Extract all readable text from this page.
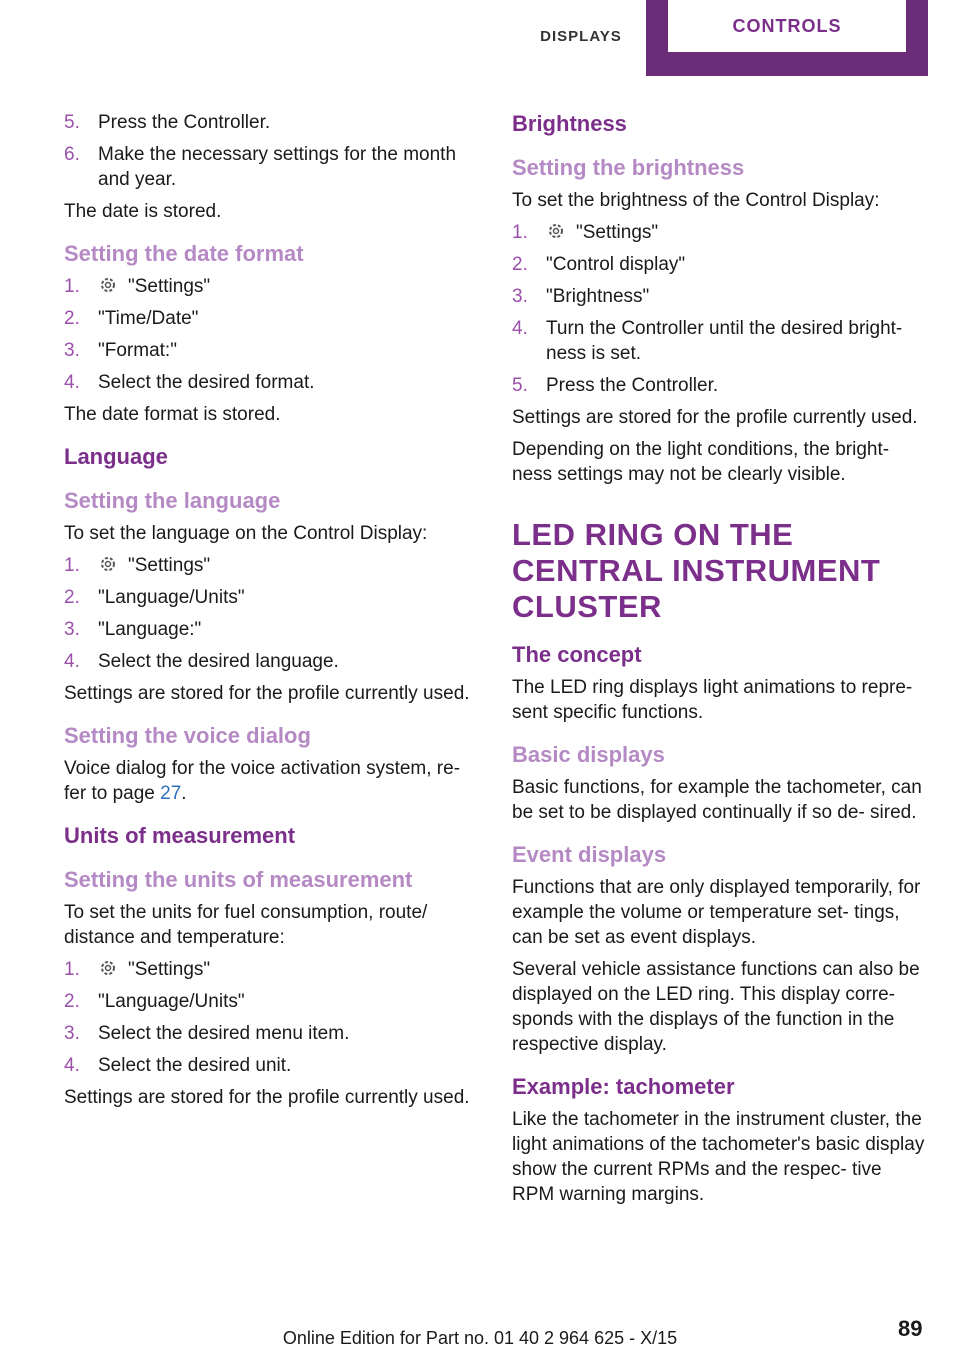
DISPLAYS
CONTROLS
5. Press the Controller.
6. Make the necessary settings for the month and year.

The date is stored.

Setting the date format
1.	"Settings"
2. "Time/Date"
3. "Format:"
4. Select the desired format.

The date format is stored.

Language
Setting the language

To set the language on the Control Display:

1.	"Settings"
2. "Language/Units"
3. "Language:"
4. Select the desired language.

Settings are stored for the profile currently used.

Setting the voice dialog

Voice dialog for the voice activation system, re‐ fer to page 27.

Units of measurement
Setting the units of measurement

To set the units for fuel consumption, route/ distance and temperature:

1.	"Settings"
2. "Language/Units"
3. Select the desired menu item.
4. Select the desired unit.

Settings are stored for the profile currently used.

Brightness
Setting the brightness

To set the brightness of the Control Display:

1.	"Settings"
2. "Control display"
3. "Brightness"
4. Turn the Controller until the desired bright‐ ness is set.
5. Press the Controller.

Settings are stored for the profile currently used.

Depending on the light conditions, the bright‐ ness settings may not be clearly visible.

LED RING ON THE CENTRAL INSTRUMENT CLUSTER
The concept

The LED ring displays light animations to repre‐ sent specific functions.

Basic displays

Basic functions, for example the tachometer, can be set to be displayed continually if so de‐ sired.

Event displays

Functions that are only displayed temporarily, for example the volume or temperature set‐ tings, can be set as event displays.

Several vehicle assistance functions can also be displayed on the LED ring. This display corre‐ sponds with the displays of the function in the respective display.

Example: tachometer

Like the tachometer in the instrument cluster, the light animations of the tachometer's basic display show the current RPMs and the respec‐ tive RPM warning margins.

Online Edition for Part no. 01 40 2 964 625 - X/15	89
